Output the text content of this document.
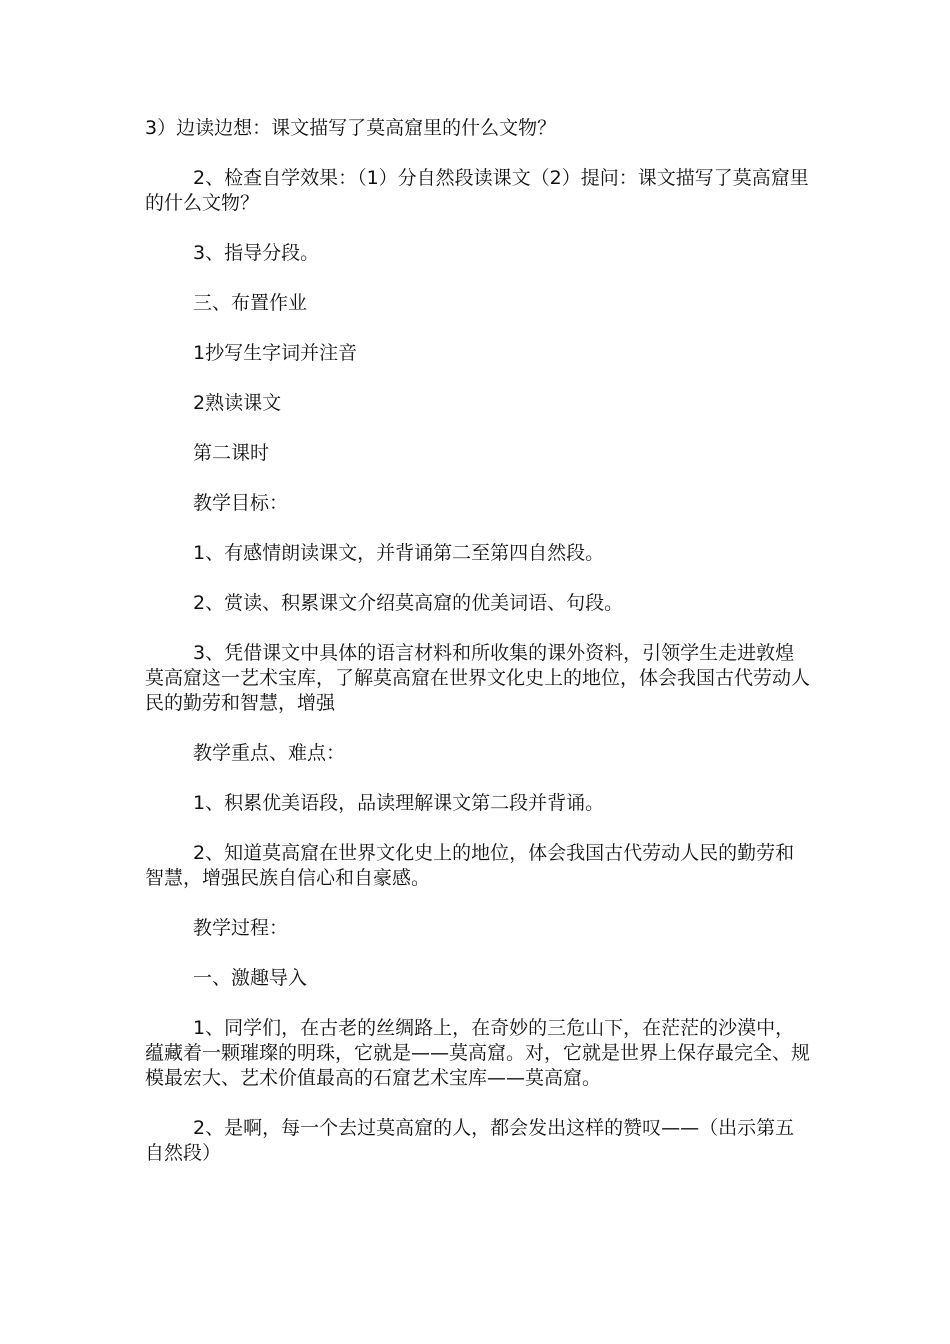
3）边读边想：课文描写了莫高窟里的什么文物？

2、检查自学效果：（1）分自然段读课文（2）提问：课文描写了莫高窟里的什么文物？

3、指导分段。

三、布置作业

1抄写生字词并注音

2熟读课文

第二课时

教学目标：

1、有感情朗读课文，并背诵第二至第四自然段。

2、赏读、积累课文介绍莫高窟的优美词语、句段。

3、凭借课文中具体的语言材料和所收集的课外资料，引领学生走进敦煌莫高窟这一艺术宝库，了解莫高窟在世界文化史上的地位，体会我国古代劳动人民的勤劳和智慧，增强

教学重点、难点：

1、积累优美语段，品读理解课文第二段并背诵。

2、知道莫高窟在世界文化史上的地位，体会我国古代劳动人民的勤劳和智慧，增强民族自信心和自豪感。

教学过程：

一、激趣导入

1、同学们，在古老的丝绸路上，在奇妙的三危山下，在茫茫的沙漠中，蕴藏着一颗璀璨的明珠，它就是——莫高窟。对，它就是世界上保存最完全、规模最宏大、艺术价值最高的石窟艺术宝库——莫高窟。

2、是啊，每一个去过莫高窟的人，都会发出这样的赞叹——（出示第五自然段）
